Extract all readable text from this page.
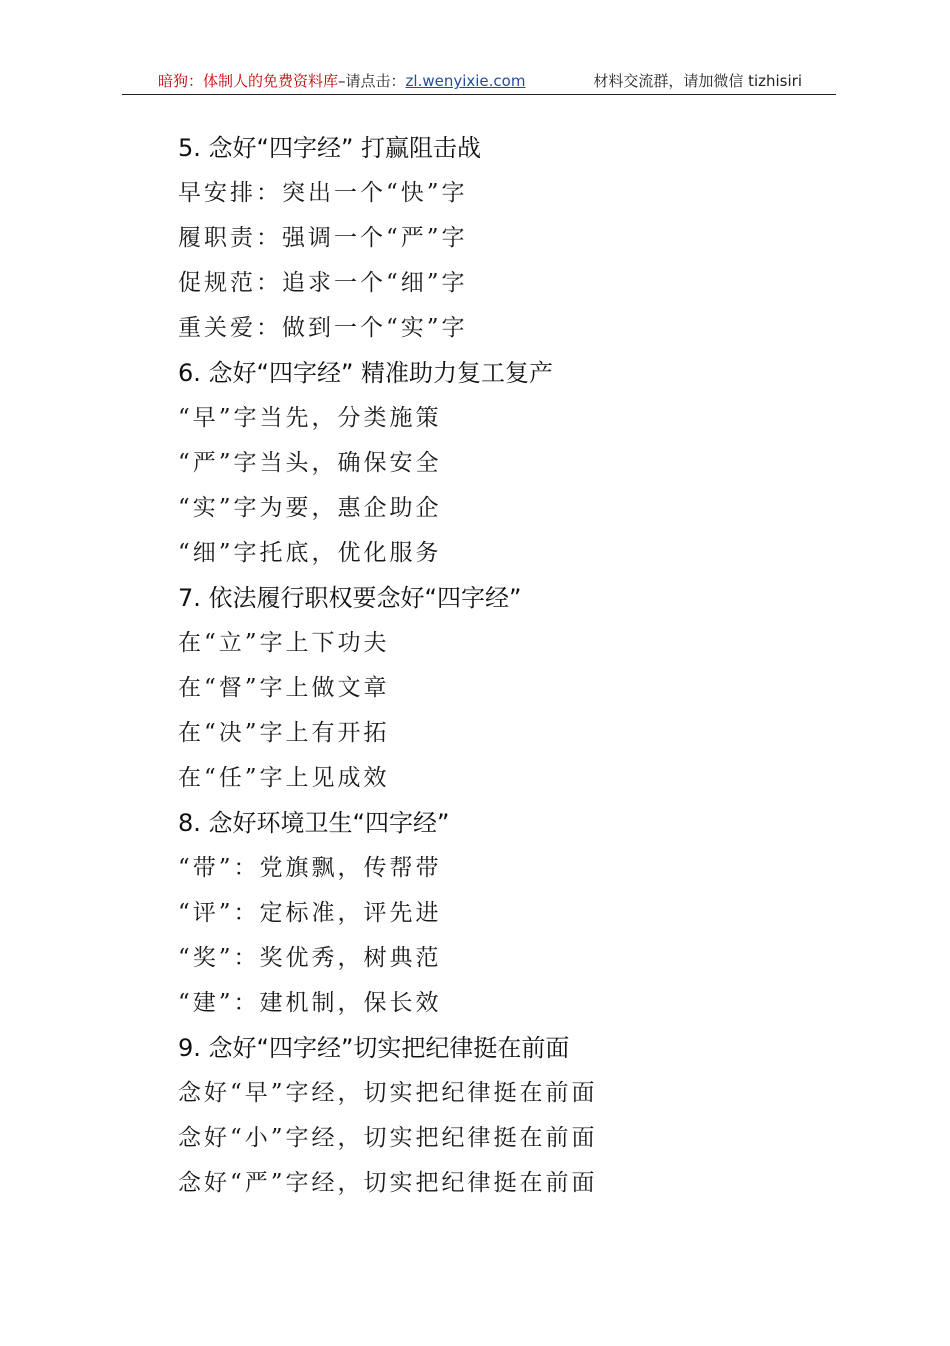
暗狗：体制人的免费资料库–请点击：zl.wenyixie.com	材料交流群，请加微信 tizhisiri
5. 念好“四字经” 打赢阻击战
早安排：突出一个“快”字
履职责：强调一个“严”字
促规范：追求一个“细”字
重关爱：做到一个“实”字
6. 念好“四字经” 精准助力复工复产
“早”字当先，分类施策
“严”字当头，确保安全
“实”字为要，惠企助企
“细”字托底，优化服务
7. 依法履行职权要念好“四字经”
在“立”字上下功夫
在“督”字上做文章
在“决”字上有开拓
在“任”字上见成效
8. 念好环境卫生“四字经”
“带”：党旗飘，传帮带
“评”：定标准，评先进
“奖”：奖优秀，树典范
“建”：建机制，保长效
9. 念好“四字经”切实把纪律挺在前面
念好“早”字经，切实把纪律挺在前面
念好“小”字经，切实把纪律挺在前面
念好“严”字经，切实把纪律挺在前面
